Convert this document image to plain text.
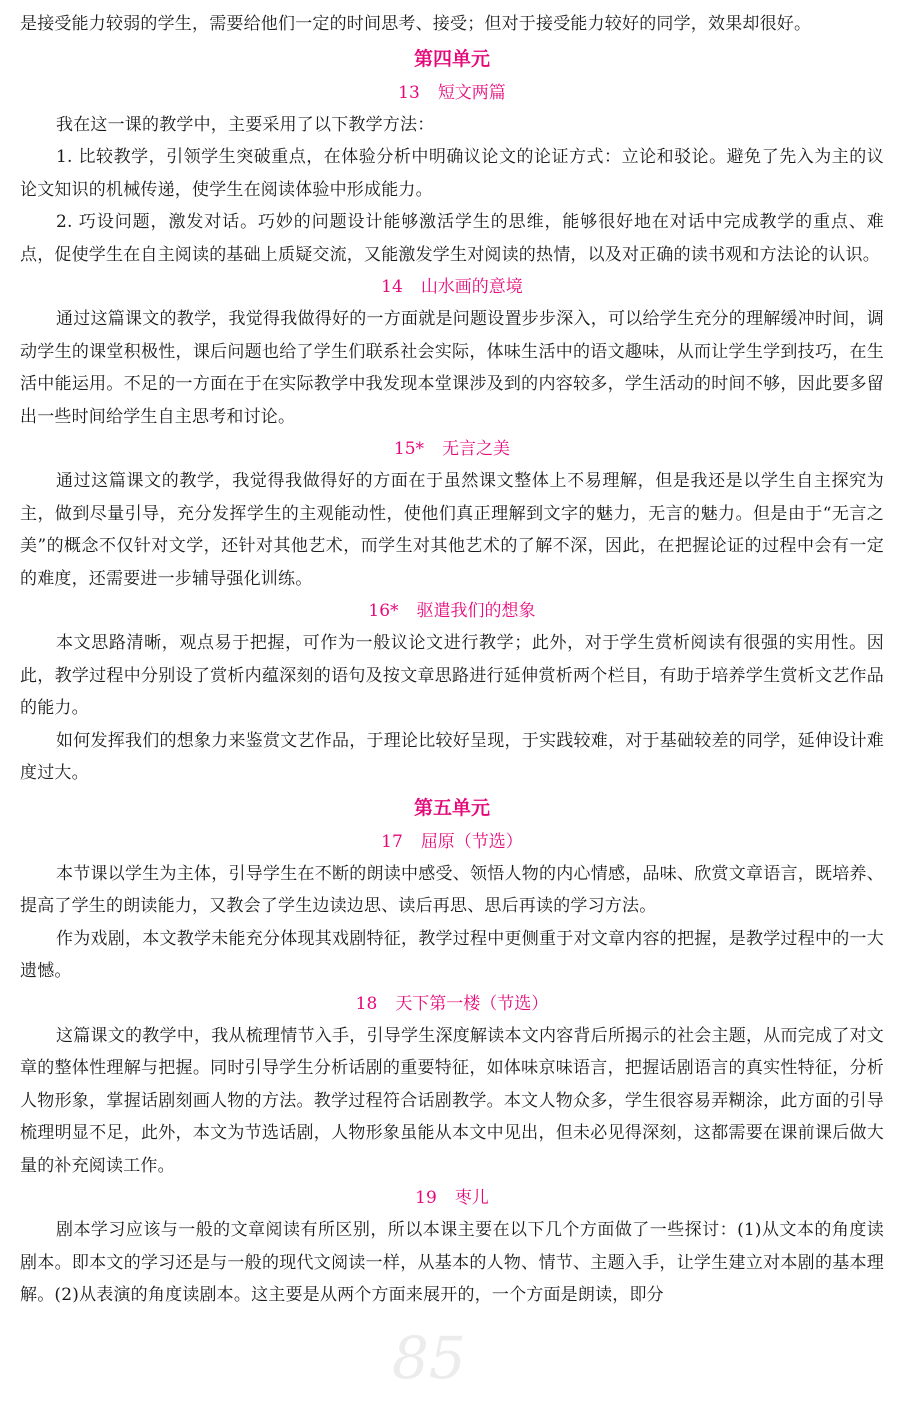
是接受能力较弱的学生，需要给他们一定的时间思考、接受；但对于接受能力较好的同学，效果却很好。

第四单元
13 短文两篇

我在这一课的教学中，主要采用了以下教学方法：

1. 比较教学，引领学生突破重点，在体验分析中明确议论文的论证方式：立论和驳论。避免了先入为主的议论文知识的机械传递，使学生在阅读体验中形成能力。

2. 巧设问题，激发对话。巧妙的问题设计能够激活学生的思维，能够很好地在对话中完成教学的重点、难点，促使学生在自主阅读的基础上质疑交流，又能激发学生对阅读的热情，以及对正确的读书观和方法论的认识。

14 山水画的意境

通过这篇课文的教学，我觉得我做得好的一方面就是问题设置步步深入，可以给学生充分的理解缓冲时间，调动学生的课堂积极性，课后问题也给了学生们联系社会实际，体味生活中的语文趣味，从而让学生学到技巧，在生活中能运用。不足的一方面在于在实际教学中我发现本堂课涉及到的内容较多，学生活动的时间不够，因此要多留出一些时间给学生自主思考和讨论。

15* 无言之美

通过这篇课文的教学，我觉得我做得好的方面在于虽然课文整体上不易理解，但是我还是以学生自主探究为主，做到尽量引导，充分发挥学生的主观能动性，使他们真正理解到文字的魅力，无言的魅力。但是由于“无言之美”的概念不仅针对文学，还针对其他艺术，而学生对其他艺术的了解不深，因此，在把握论证的过程中会有一定的难度，还需要进一步辅导强化训练。

16* 驱遣我们的想象

本文思路清晰，观点易于把握，可作为一般议论文进行教学；此外，对于学生赏析阅读有很强的实用性。因此，教学过程中分别设了赏析内蕴深刻的语句及按文章思路进行延伸赏析两个栏目，有助于培养学生赏析文艺作品的能力。

如何发挥我们的想象力来鉴赏文艺作品，于理论比较好呈现，于实践较难，对于基础较差的同学，延伸设计难度过大。

第五单元
17 屈原（节选）

本节课以学生为主体，引导学生在不断的朗读中感受、领悟人物的内心情感，品味、欣赏文章语言，既培养、提高了学生的朗读能力，又教会了学生边读边思、读后再思、思后再读的学习方法。

作为戏剧，本文教学未能充分体现其戏剧特征，教学过程中更侧重于对文章内容的把握，是教学过程中的一大遗憾。

18 天下第一楼（节选）

这篇课文的教学中，我从梳理情节入手，引导学生深度解读本文内容背后所揭示的社会主题，从而完成了对文章的整体性理解与把握。同时引导学生分析话剧的重要特征，如体味京味语言，把握话剧语言的真实性特征，分析人物形象，掌握话剧刻画人物的方法。教学过程符合话剧教学。本文人物众多，学生很容易弄糊涂，此方面的引导梳理明显不足，此外，本文为节选话剧，人物形象虽能从本文中见出，但未必见得深刻，这都需要在课前课后做大量的补充阅读工作。

19 枣儿

剧本学习应该与一般的文章阅读有所区别，所以本课主要在以下几个方面做了一些探讨：(1)从文本的角度读剧本。即本文的学习还是与一般的现代文阅读一样，从基本的人物、情节、主题入手，让学生建立对本剧的基本理解。(2)从表演的角度读剧本。这主要是从两个方面来展开的，一个方面是朗读，即分

85
